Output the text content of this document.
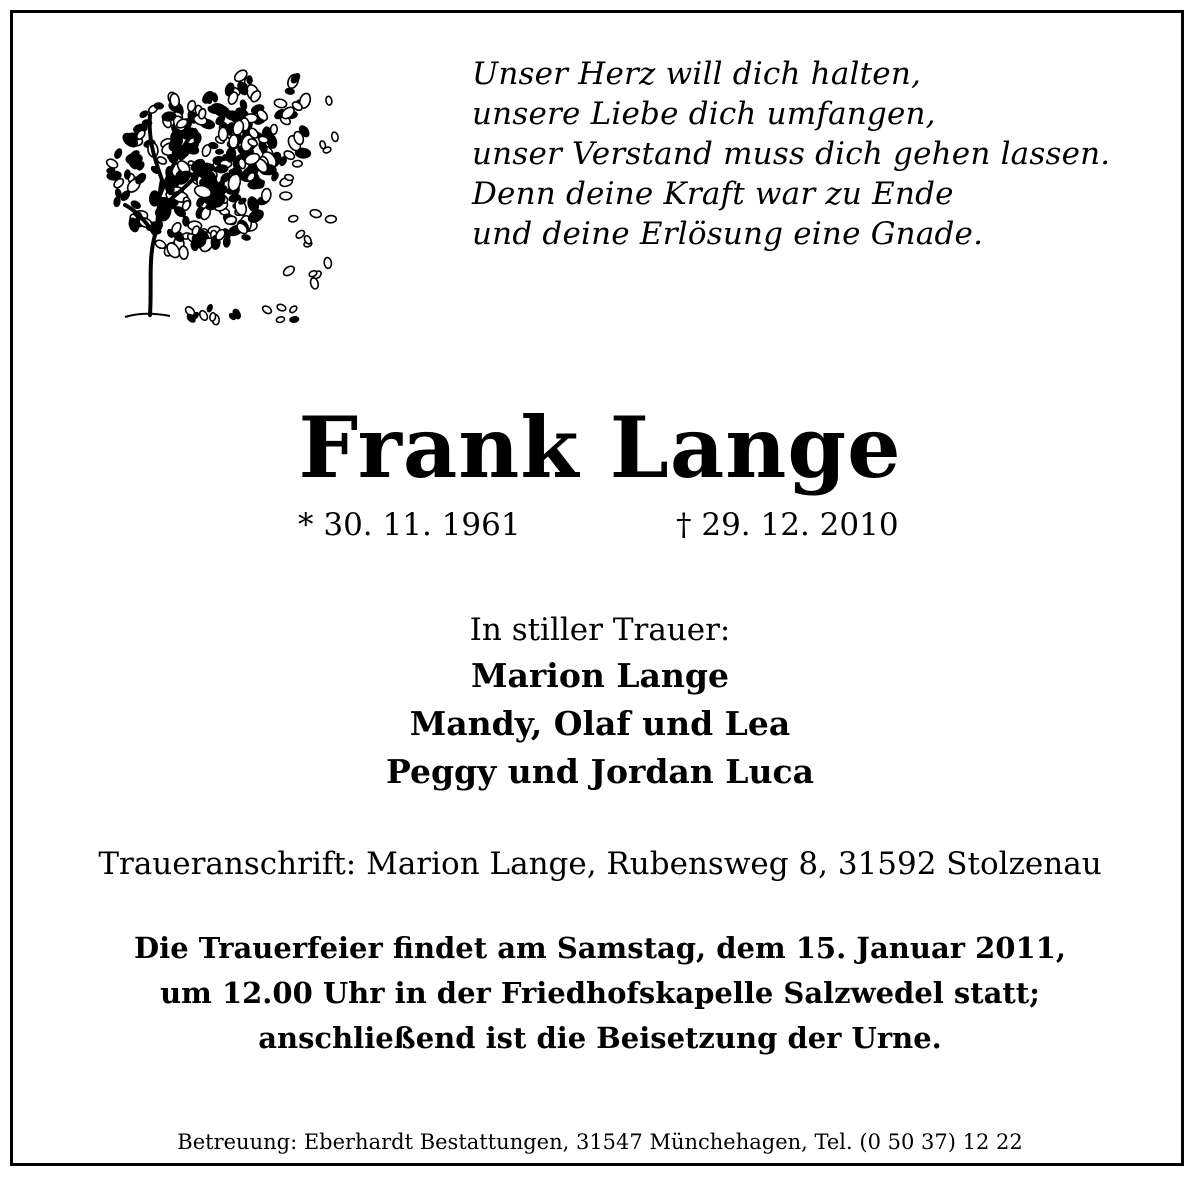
Unser Herz will dich halten,
unsere Liebe dich umfangen,
unser Verstand muss dich gehen lassen.
Denn deine Kraft war zu Ende
und deine Erlösung eine Gnade.
Frank Lange
* 30. 11. 1961	† 29. 12. 2010
In stiller Trauer:
Marion Lange
Mandy, Olaf und Lea
Peggy und Jordan Luca
Traueranschrift: Marion Lange, Rubensweg 8, 31592 Stolzenau
Die Trauerfeier findet am Samstag, dem 15. Januar 2011,
um 12.00 Uhr in der Friedhofskapelle Salzwedel statt;
anschließend ist die Beisetzung der Urne.
Betreuung: Eberhardt Bestattungen, 31547 Münchehagen, Tel. (0 50 37) 12 22
